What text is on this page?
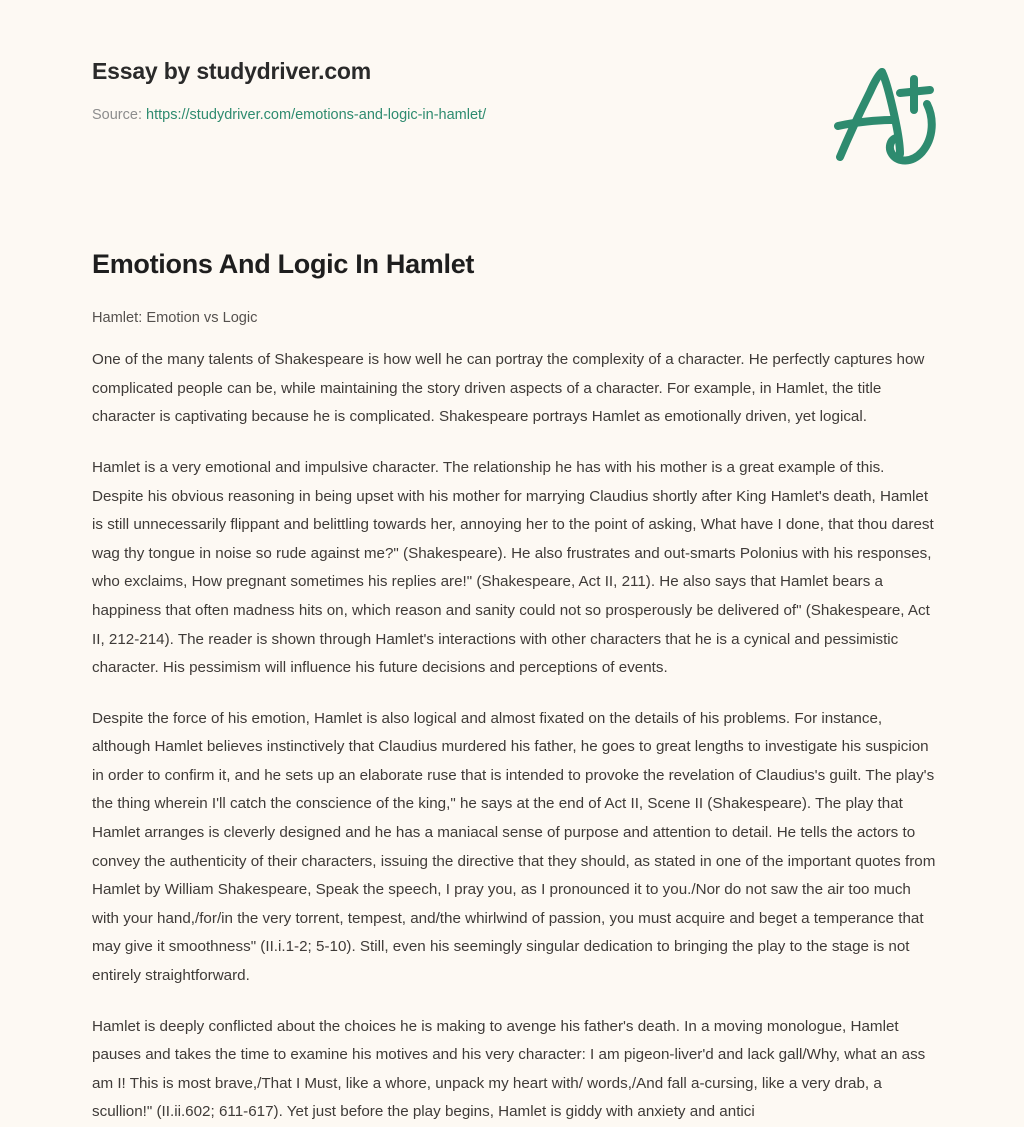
Essay by studydriver.com
Source: https://studydriver.com/emotions-and-logic-in-hamlet/
Emotions And Logic In Hamlet
Hamlet: Emotion vs Logic

One of the many talents of Shakespeare is how well he can portray the complexity of a character. He perfectly captures how complicated people can be, while maintaining the story driven aspects of a character. For example, in Hamlet, the title character is captivating because he is complicated. Shakespeare portrays Hamlet as emotionally driven, yet logical.

Hamlet is a very emotional and impulsive character. The relationship he has with his mother is a great example of this. Despite his obvious reasoning in being upset with his mother for marrying Claudius shortly after King Hamlet's death, Hamlet is still unnecessarily flippant and belittling towards her, annoying her to the point of asking, What have I done, that thou darest wag thy tongue in noise so rude against me?" (Shakespeare). He also frustrates and out-smarts Polonius with his responses, who exclaims, How pregnant sometimes his replies are!" (Shakespeare, Act II, 211). He also says that Hamlet bears a happiness that often madness hits on, which reason and sanity could not so prosperously be delivered of" (Shakespeare, Act II, 212-214). The reader is shown through Hamlet's interactions with other characters that he is a cynical and pessimistic character. His pessimism will influence his future decisions and perceptions of events.

Despite the force of his emotion, Hamlet is also logical and almost fixated on the details of his problems. For instance, although Hamlet believes instinctively that Claudius murdered his father, he goes to great lengths to investigate his suspicion in order to confirm it, and he sets up an elaborate ruse that is intended to provoke the revelation of Claudius's guilt. The play's the thing wherein I'll catch the conscience of the king," he says at the end of Act II, Scene II (Shakespeare). The play that Hamlet arranges is cleverly designed and he has a maniacal sense of purpose and attention to detail. He tells the actors to convey the authenticity of their characters, issuing the directive that they should, as stated in one of the important quotes from Hamlet by William Shakespeare, Speak the speech, I pray you, as I pronounced it to you./Nor do not saw the air too much with your hand,/for/in the very torrent, tempest, and/the whirlwind of passion, you must acquire and beget a temperance that may give it smoothness" (II.i.1-2; 5-10). Still, even his seemingly singular dedication to bringing the play to the stage is not entirely straightforward.

Hamlet is deeply conflicted about the choices he is making to avenge his father's death. In a moving monologue, Hamlet pauses and takes the time to examine his motives and his very character: I am pigeon-liver'd and lack gall/Why, what an ass am I! This is most brave,/That I Must, like a whore, unpack my heart with/ words,/And fall a-cursing, like a very drab, a scullion!" (II.ii.602; 611-617). Yet just before the play begins, Hamlet is giddy with anxiety and antici
